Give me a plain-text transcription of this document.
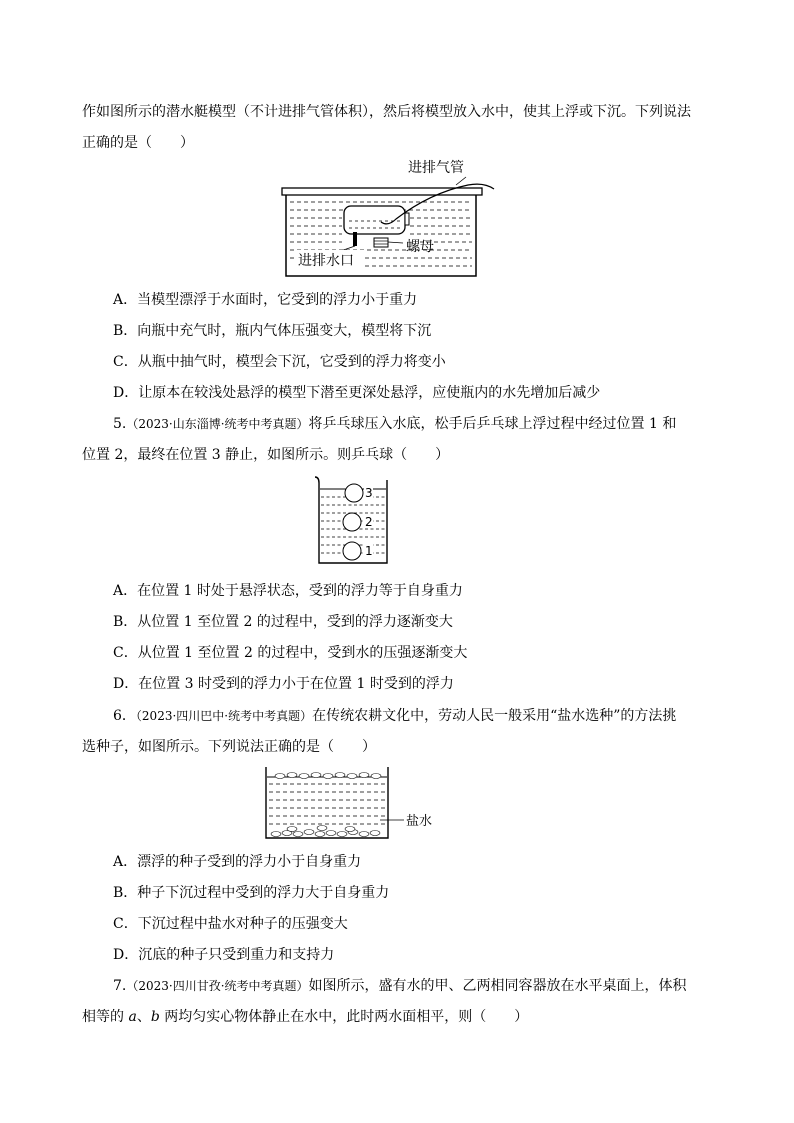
作如图所示的潜水艇模型（不计进排气管体积），然后将模型放入水中，使其上浮或下沉。下列说法
正确的是（　　）
进排气管
螺母
进排水口
A．当模型漂浮于水面时，它受到的浮力小于重力
B．向瓶中充气时，瓶内气体压强变大，模型将下沉
C．从瓶中抽气时，模型会下沉，它受到的浮力将变小
D．让原本在较浅处悬浮的模型下潜至更深处悬浮，应使瓶内的水先增加后减少
5.（2023·山东淄博·统考中考真题）将乒乓球压入水底，松手后乒乓球上浮过程中经过位置 1 和
位置 2，最终在位置 3 静止，如图所示。则乒乓球（　　）
3
2
1
A．在位置 1 时处于悬浮状态，受到的浮力等于自身重力
B．从位置 1 至位置 2 的过程中，受到的浮力逐渐变大
C．从位置 1 至位置 2 的过程中，受到水的压强逐渐变大
D．在位置 3 时受到的浮力小于在位置 1 时受到的浮力
6．（2023·四川巴中·统考中考真题）在传统农耕文化中，劳动人民一般采用“盐水选种”的方法挑
选种子，如图所示。下列说法正确的是（　　）
盐水
A．漂浮的种子受到的浮力小于自身重力
B．种子下沉过程中受到的浮力大于自身重力
C．下沉过程中盐水对种子的压强变大
D．沉底的种子只受到重力和支持力
7.（2023·四川甘孜·统考中考真题）如图所示，盛有水的甲、乙两相同容器放在水平桌面上，体积
相等的 a、b 两均匀实心物体静止在水中，此时两水面相平，则（　　）
